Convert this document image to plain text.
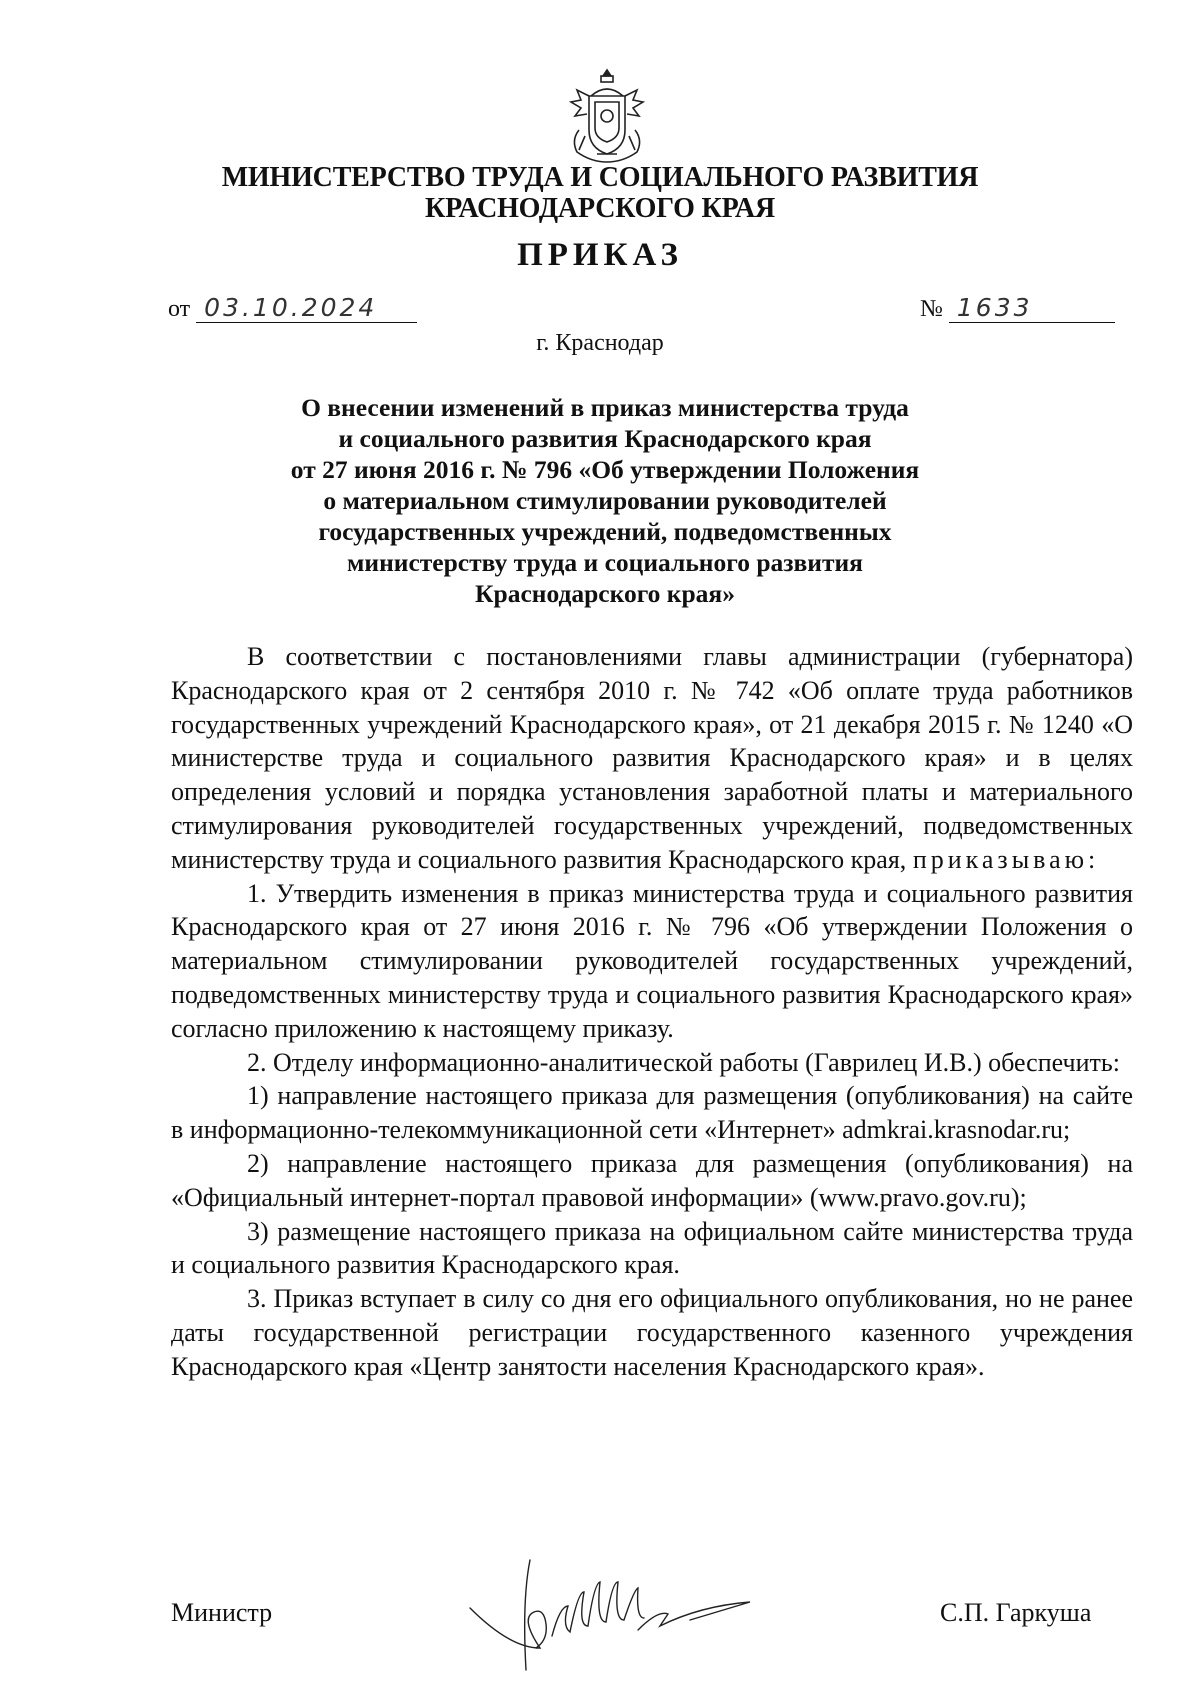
МИНИСТЕРСТВО ТРУДА И СОЦИАЛЬНОГО РАЗВИТИЯ
КРАСНОДАРСКОГО КРАЯ
ПРИКАЗ
от 03.10.2024	№ 1633
г. Краснодар
О внесении изменений в приказ министерства труда
и социального развития Краснодарского края
от 27 июня 2016 г. № 796 «Об утверждении Положения
о материальном стимулировании руководителей
государственных учреждений, подведомственных
министерству труда и социального развития
Краснодарского края»

В соответствии с постановлениями главы администрации (губернатора) Краснодарского края от 2 сентября 2010 г. № 742 «Об оплате труда работников государственных учреждений Краснодарского края», от 21 декабря 2015 г. № 1240 «О министерстве труда и социального развития Краснодарского края» и в целях определения условий и порядка установления заработной платы и материального стимулирования руководителей государственных учреждений, подведомственных министерству труда и социального развития Краснодарского края, приказываю:

1. Утвердить изменения в приказ министерства труда и социального развития Краснодарского края от 27 июня 2016 г. № 796 «Об утверждении Положения о материальном стимулировании руководителей государственных учреждений, подведомственных министерству труда и социального развития Краснодарского края» согласно приложению к настоящему приказу.

2. Отделу информационно-аналитической работы (Гаврилец И.В.) обеспечить:

1) направление настоящего приказа для размещения (опубликования) на сайте в информационно-телекоммуникационной сети «Интернет» admkrai.krasnodar.ru;

2) направление настоящего приказа для размещения (опубликования) на «Официальный интернет-портал правовой информации» (www.pravo.gov.ru);

3) размещение настоящего приказа на официальном сайте министерства труда и социального развития Краснодарского края.

3. Приказ вступает в силу со дня его официального опубликования, но не ранее даты государственной регистрации государственного казенного учреждения Краснодарского края «Центр занятости населения Краснодарского края».

Министр	С.П. Гаркуша
